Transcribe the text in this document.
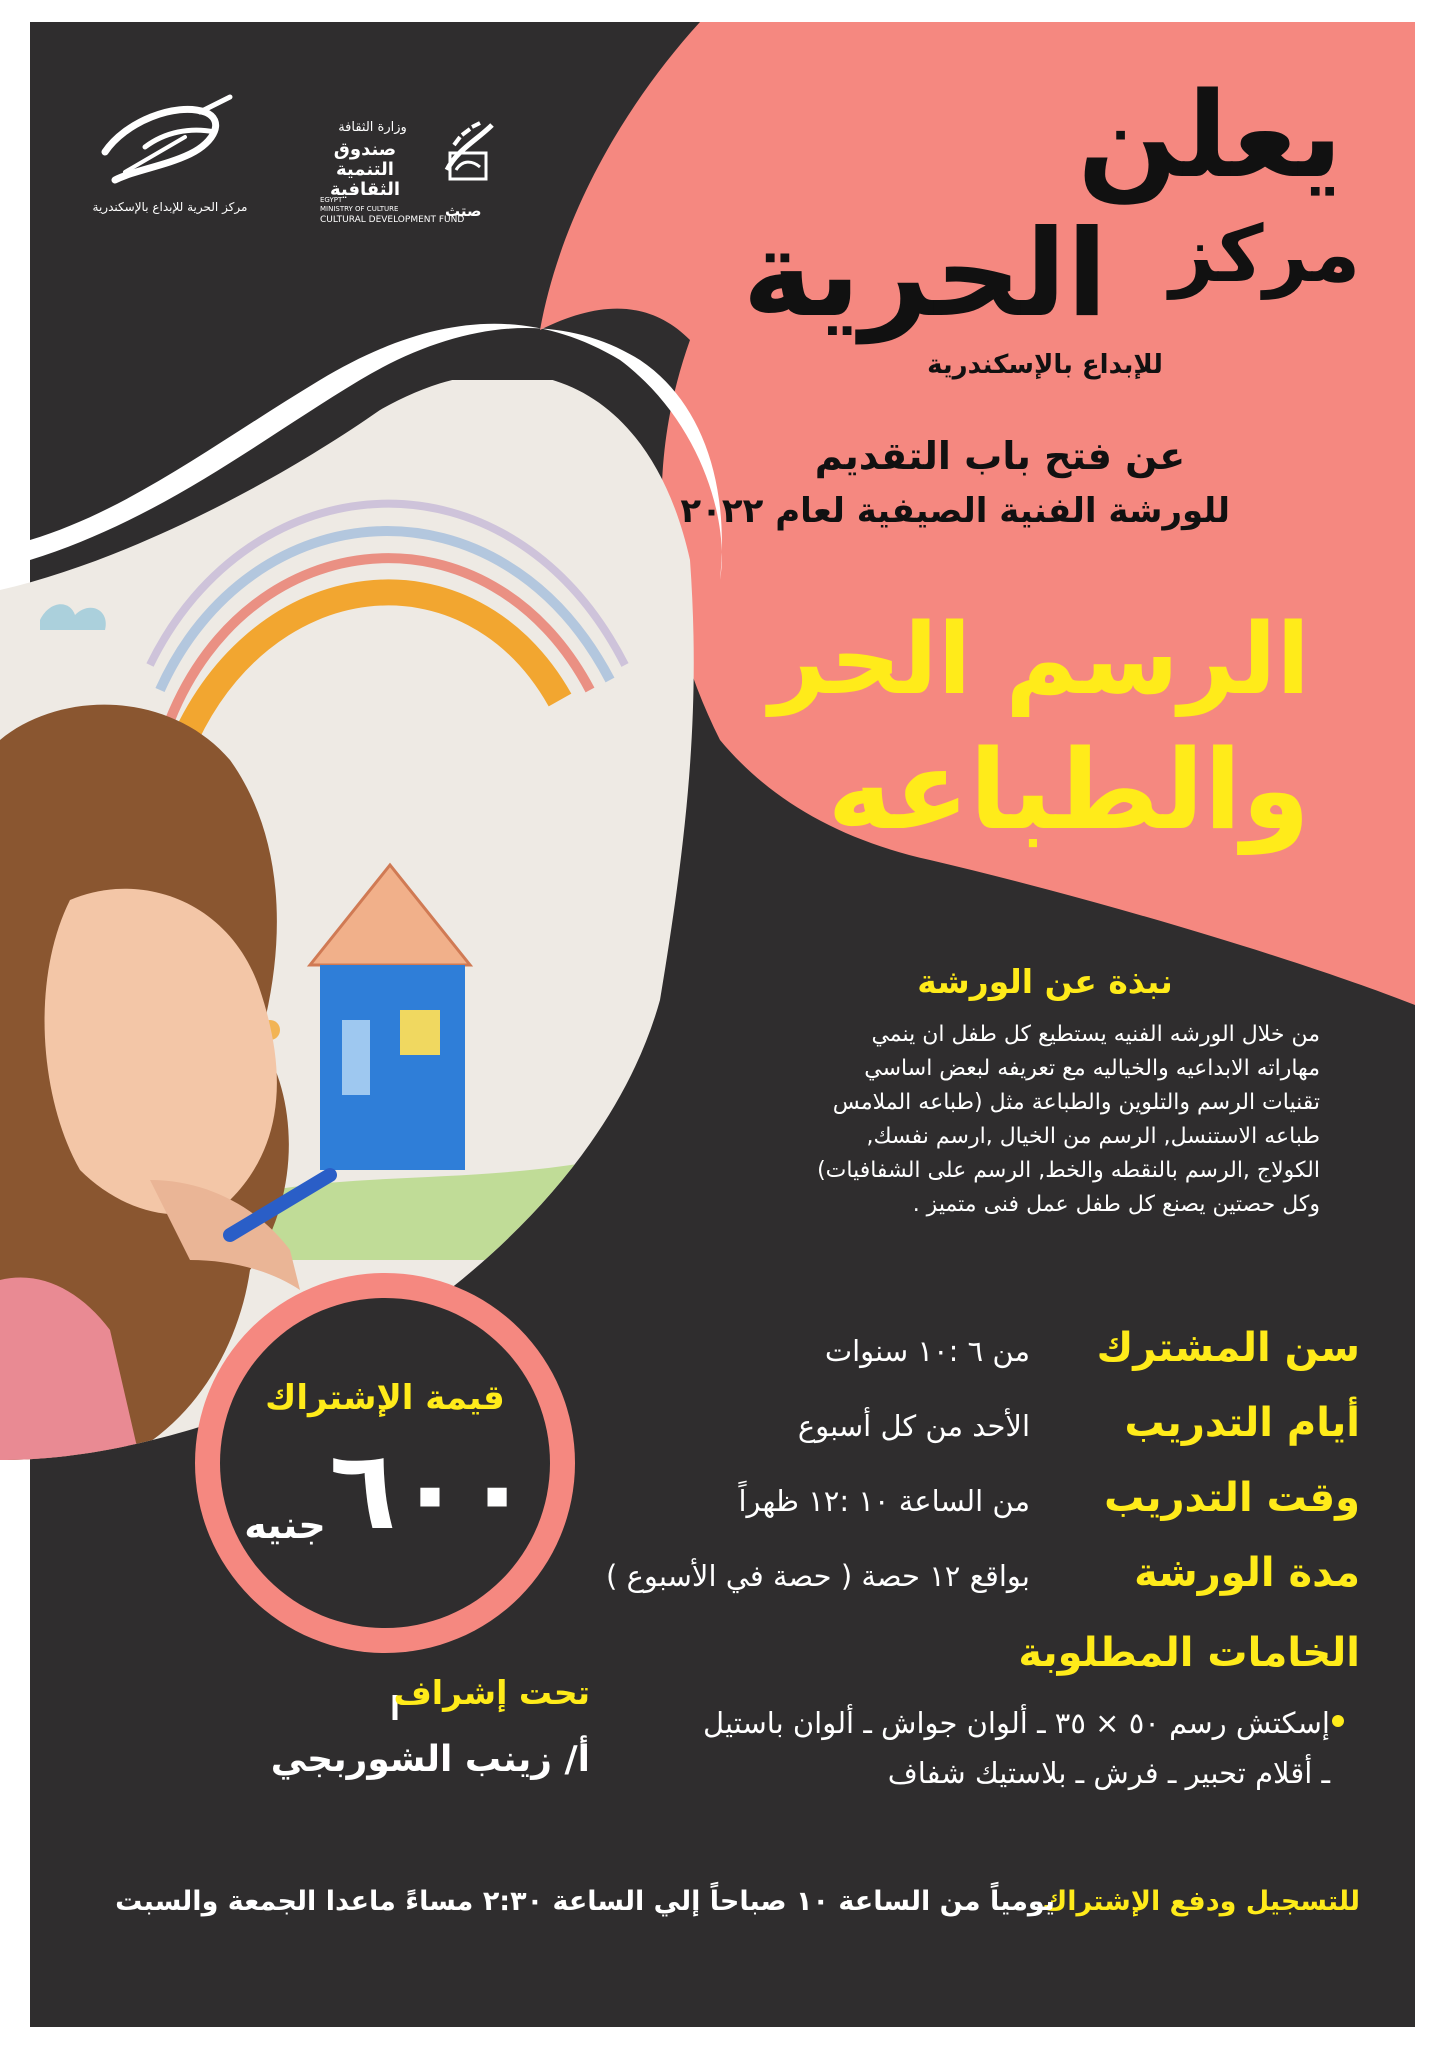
مركز الحرية للإبداع بالإسكندرية
وزارة الثقافة
صندوق التنمية الثقافية
EGYPT
MINISTRY OF CULTURE
CULTURAL DEVELOPMENT FUND
صتث
يعلن
مركز
الحرية
للإبداع بالإسكندرية
عن فتح باب التقديم
للورشة الفنية الصيفية لعام ٢٠٢٢
الرسم الحر
والطباعه
نبذة عن الورشة
من خلال الورشه الفنيه يستطيع كل طفل ان ينمي
مهاراته الابداعيه والخياليه مع تعريفه لبعض اساسي
تقنيات الرسم والتلوين والطباعة مثل (طباعه الملامس
طباعه الاستنسل, الرسم من الخيال ,ارسم نفسك,
الكولاج ,الرسم بالنقطه والخط, الرسم على الشفافيات)
وكل حصتين يصنع كل طفل عمل فنى متميز .
سن المشترك
من ٦ :١٠ سنوات
أيام التدريب
الأحد من كل أسبوع
وقت التدريب
من الساعة ١٠ :١٢ ظهراً
مدة الورشة
بواقع ١٢ حصة ( حصة في الأسبوع )
الخامات المطلوبة
إسكتش رسم ٥٠ × ٣٥ ـ ألوان جواش ـ ألوان باستيل
ـ أقلام تحبير ـ فرش ـ بلاستيك شفاف
قيمة الإشتراك
٦٠٠
جنيه
تحت إشراف
أ/ زينب الشوربجي
للتسجيل ودفع الإشتراك
يومياً من الساعة ١٠ صباحاً إلي الساعة ٢:٣٠ مساءً ماعدا الجمعة والسبت
